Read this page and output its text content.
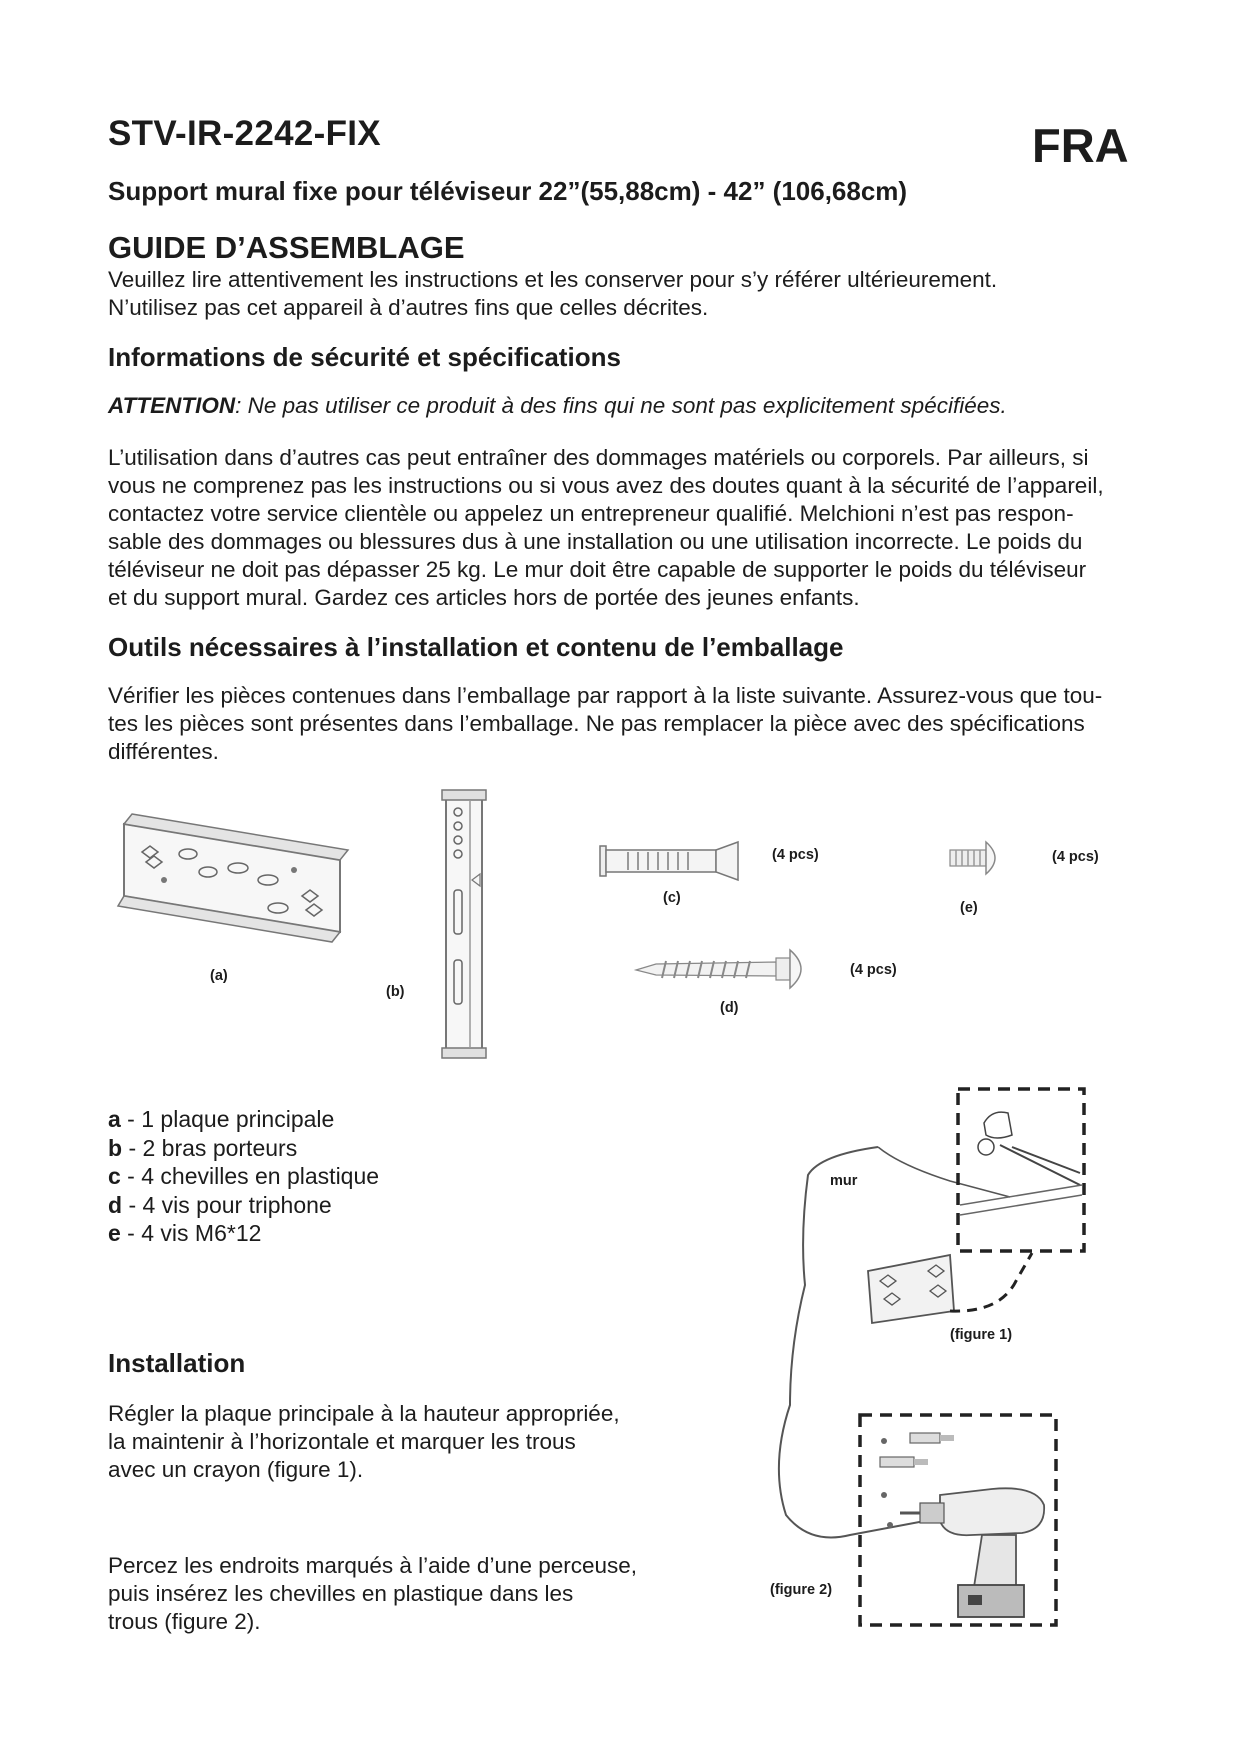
STV-IR-2242-FIX	FRA
Support mural fixe pour téléviseur 22”(55,88cm) - 42” (106,68cm)
GUIDE D’ASSEMBLAGE
Veuillez lire attentivement les instructions et les conserver pour s’y référer ultérieurement.
N’utilisez pas cet appareil à d’autres fins que celles décrites.
Informations de sécurité et spécifications
ATTENTION: Ne pas utiliser ce produit à des fins qui ne sont pas explicitement spécifiées.
L’utilisation dans d’autres cas peut entraîner des dommages matériels ou corporels. Par ailleurs, si
vous ne comprenez pas les instructions ou si vous avez des doutes quant à la sécurité de l’appareil,
contactez votre service clientèle ou appelez un entrepreneur qualifié. Melchioni n’est pas respon-
sable des dommages ou blessures dus à une installation ou une utilisation incorrecte. Le poids du
téléviseur ne doit pas dépasser 25 kg. Le mur doit être capable de supporter le poids du téléviseur
et du support mural. Gardez ces articles hors de portée des jeunes enfants.
Outils nécessaires à l’installation et contenu de l’emballage
Vérifier les pièces contenues dans l’emballage par rapport à la liste suivante. Assurez-vous que tou-
tes les pièces sont présentes dans l’emballage. Ne pas remplacer la pièce avec des spécifications
différentes.
(a)
(b)
(4 pcs)
(c)
(4 pcs)
(e)
(4 pcs)
(d)
a - 1 plaque principale
b - 2 bras porteurs
c - 4 chevilles en plastique
d - 4 vis pour triphone
e - 4 vis M6*12
Installation
Régler la plaque principale à la hauteur appropriée,
la maintenir à l’horizontale et marquer les trous
avec un crayon (figure 1).
Percez les endroits marqués à l’aide d’une perceuse,
puis insérez les chevilles en plastique dans les
trous (figure 2).
mur
(figure 1)
(figure 2)
